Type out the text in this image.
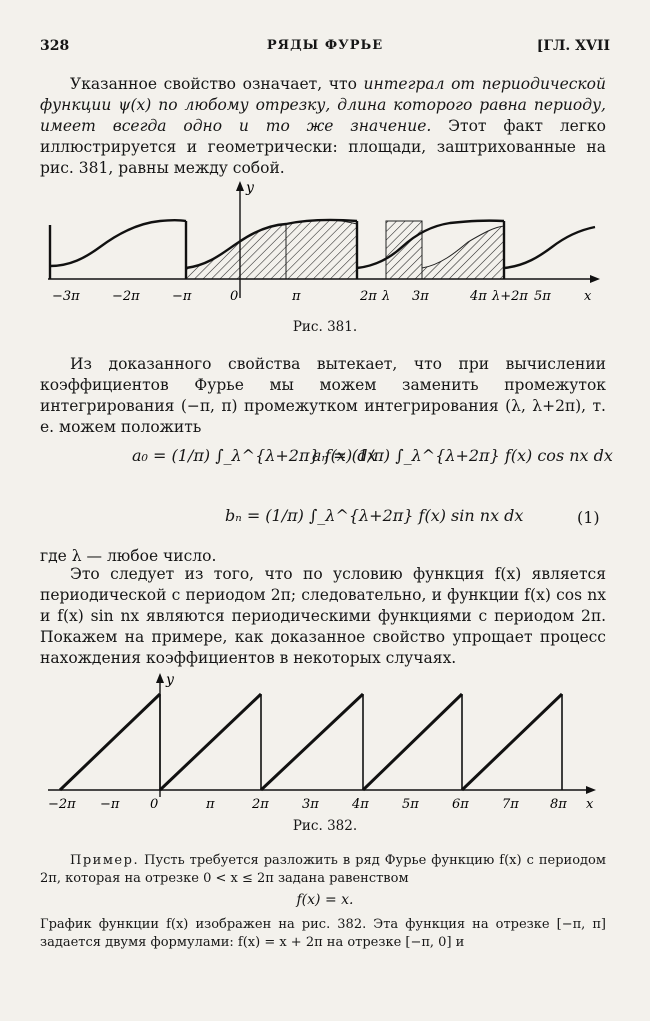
328	РЯДЫ ФУРЬЕ	[ГЛ. XVII

Указанное свойство означает, что интеграл от периодической функции ψ(x) по любому отрезку, длина которого равна периоду, имеет всегда одно и то же значение. Этот факт легко иллюстрируется и геометрически: площади, заштрихованные на рис. 381, равны между собой.

y
−3π −2π −π	0	π	2π λ 3π	4π λ+2π 5π	x
Рис. 381.

Из доказанного свойства вытекает, что при вычислении коэффициентов Фурье мы можем заменить промежуток интегрирования (−π, π) промежутком интегрирования (λ, λ+2π), т. е. можем положить

a₀ = (1/π) ∫_λ^{λ+2π} f(x) dx
aₙ = (1/π) ∫_λ^{λ+2π} f(x) cos nx dx
bₙ = (1/π) ∫_λ^{λ+2π} f(x) sin nx dx	(1)

где λ — любое число.

Это следует из того, что по условию функция f(x) является периодической с периодом 2π; следовательно, и функции f(x) cos nx и f(x) sin nx являются периодическими функциями с периодом 2π. Покажем на примере, как доказанное свойство упрощает процесс нахождения коэффициентов в некоторых случаях.

y
−2π −π 0	π	2π	3π	4π	5π	6π	7π 8π x
Рис. 382.

Пример. Пусть требуется разложить в ряд Фурье функцию f(x) с периодом 2π, которая на отрезке 0 < x ≤ 2π задана равенством

f(x) = x.

График функции f(x) изображен на рис. 382. Эта функция на отрезке [−π, π] задается двумя формулами: f(x) = x + 2π на отрезке [−π, 0] и
